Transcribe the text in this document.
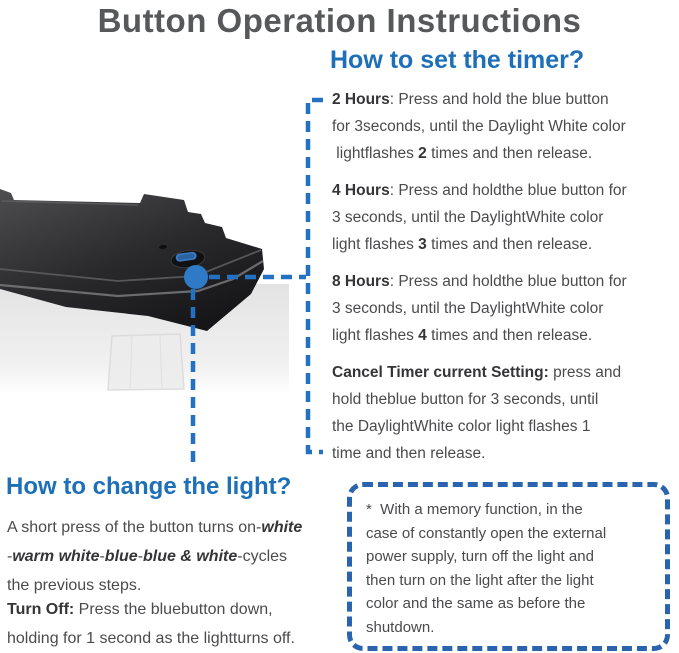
Button Operation Instructions
How to set the timer?

2 Hours: Press and hold the blue button
for 3seconds, until the Daylight White color
lightflashes 2 times and then release.

4 Hours: Press and holdthe blue button for
3 seconds, until the DaylightWhite color
light flashes 3 times and then release.

8 Hours: Press and holdthe blue button for
3 seconds, until the DaylightWhite color
light flashes 4 times and then release.

Cancel Timer current Setting: press and
hold theblue button for 3 seconds, until
the DaylightWhite color light flashes 1
time and then release.

How to change the light?

A short press of the button turns on-white
-warm white-blue-blue & white-cycles
the previous steps.

Turn Off: Press the bluebutton down,
holding for 1 second as the lightturns off.

*  With a memory function, in the
case of constantly open the external
power supply, turn off the light and
then turn on the light after the light
color and the same as before the
shutdown.
